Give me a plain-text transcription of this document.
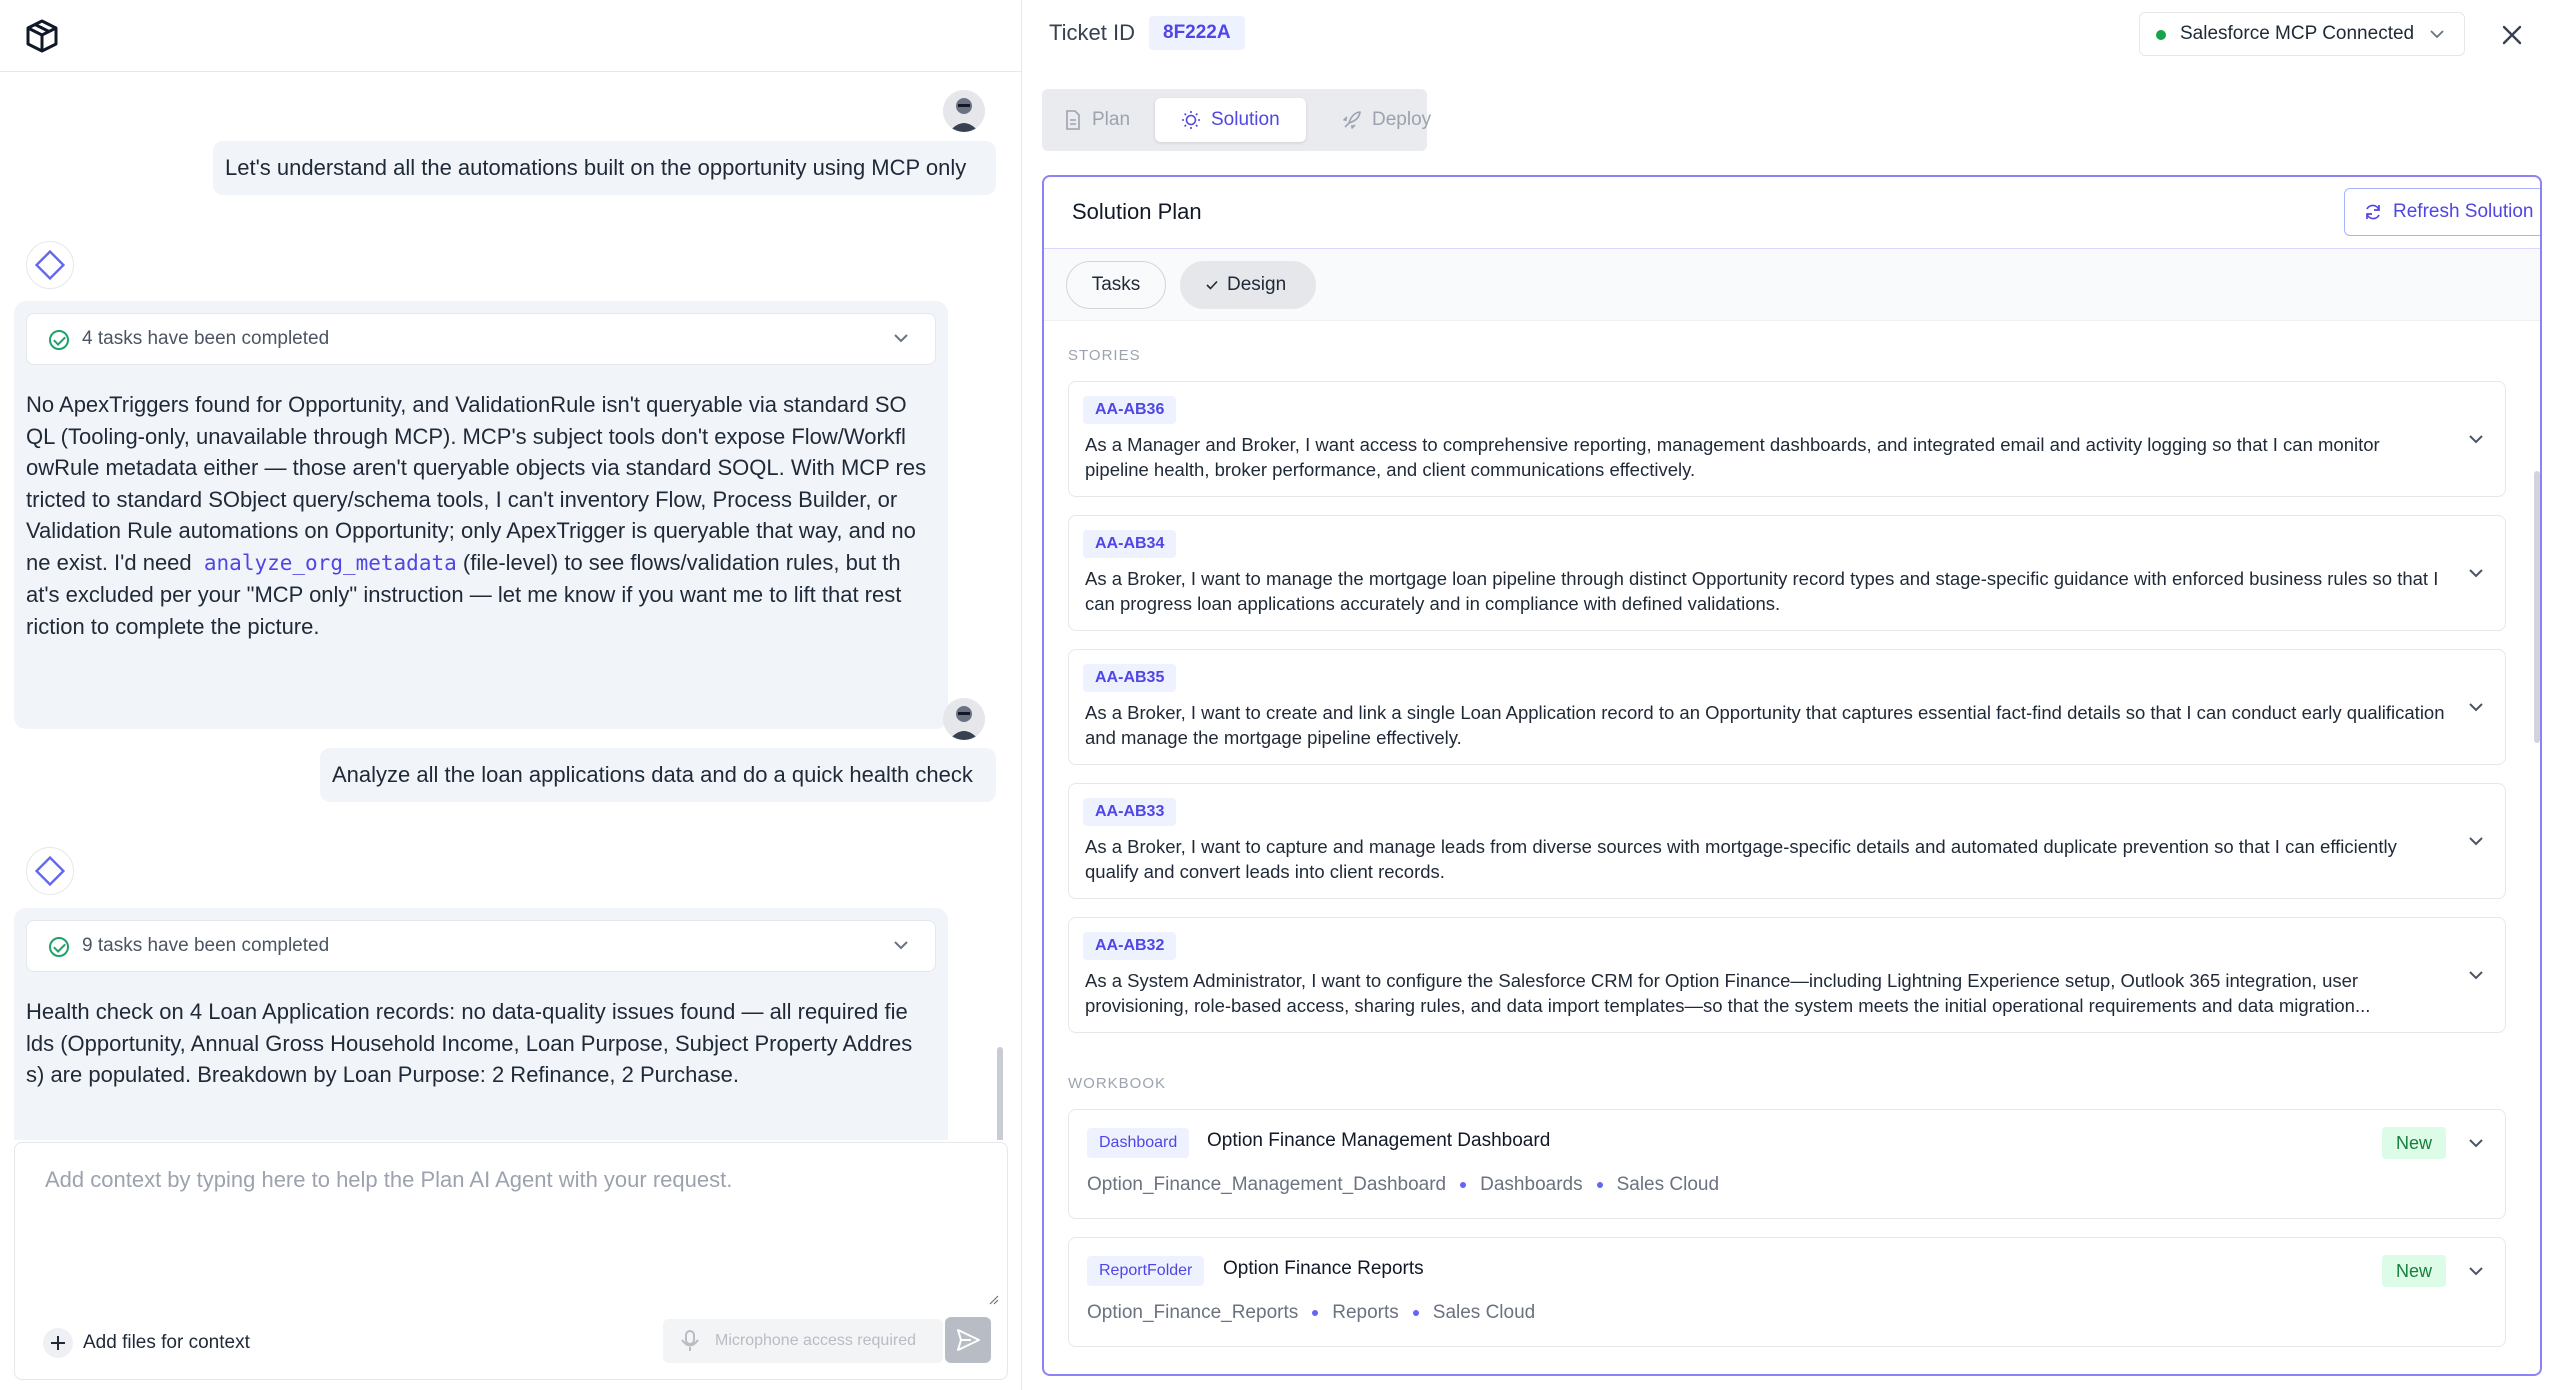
Let's understand all the automations built on the opportunity using MCP only
4 tasks have been completed
No ApexTriggers found for Opportunity, and ValidationRule isn't queryable via standard SO
QL (Tooling-only, unavailable through MCP). MCP's subject tools don't expose Flow/Workfl
owRule metadata either — those aren't queryable objects via standard SOQL. With MCP res
tricted to standard SObject query/schema tools, I can't inventory Flow, Process Builder, or
Validation Rule automations on Opportunity; only ApexTrigger is queryable that way, and no
ne exist. I'd need analyze_org_metadata (file-level) to see flows/validation rules, but th
at's excluded per your "MCP only" instruction — let me know if you want me to lift that rest
riction to complete the picture.
Analyze all the loan applications data and do a quick health check
9 tasks have been completed
Health check on 4 Loan Application records: no data-quality issues found — all required fie
lds (Opportunity, Annual Gross Household Income, Loan Purpose, Subject Property Addres
s) are populated. Breakdown by Loan Purpose: 2 Refinance, 2 Purchase.
Add context by typing here to help the Plan AI Agent with your request.
Add files for context	Microphone access required
Ticket ID	8F222A	Salesforce MCP Connected
Plan	Solution	Deploy
Solution Plan	Refresh Solution
Tasks	Design
STORIES
AA-AB36
As a Manager and Broker, I want access to comprehensive reporting, management dashboards, and integrated email and activity logging so that I can monitor pipeline health, broker performance, and client communications effectively.
AA-AB34
As a Broker, I want to manage the mortgage loan pipeline through distinct Opportunity record types and stage-specific guidance with enforced business rules so that I can progress loan applications accurately and in compliance with defined validations.
AA-AB35
As a Broker, I want to create and link a single Loan Application record to an Opportunity that captures essential fact-find details so that I can conduct early qualification and manage the mortgage pipeline effectively.
AA-AB33
As a Broker, I want to capture and manage leads from diverse sources with mortgage-specific details and automated duplicate prevention so that I can efficiently qualify and convert leads into client records.
AA-AB32
As a System Administrator, I want to configure the Salesforce CRM for Option Finance—including Lightning Experience setup, Outlook 365 integration, user provisioning, role-based access, sharing rules, and data import templates—so that the system meets the initial operational requirements and data migration...
WORKBOOK
Dashboard	Option Finance Management Dashboard	New
Option_Finance_Management_Dashboard Dashboards Sales Cloud
ReportFolder	Option Finance Reports	New
Option_Finance_Reports Reports Sales Cloud
